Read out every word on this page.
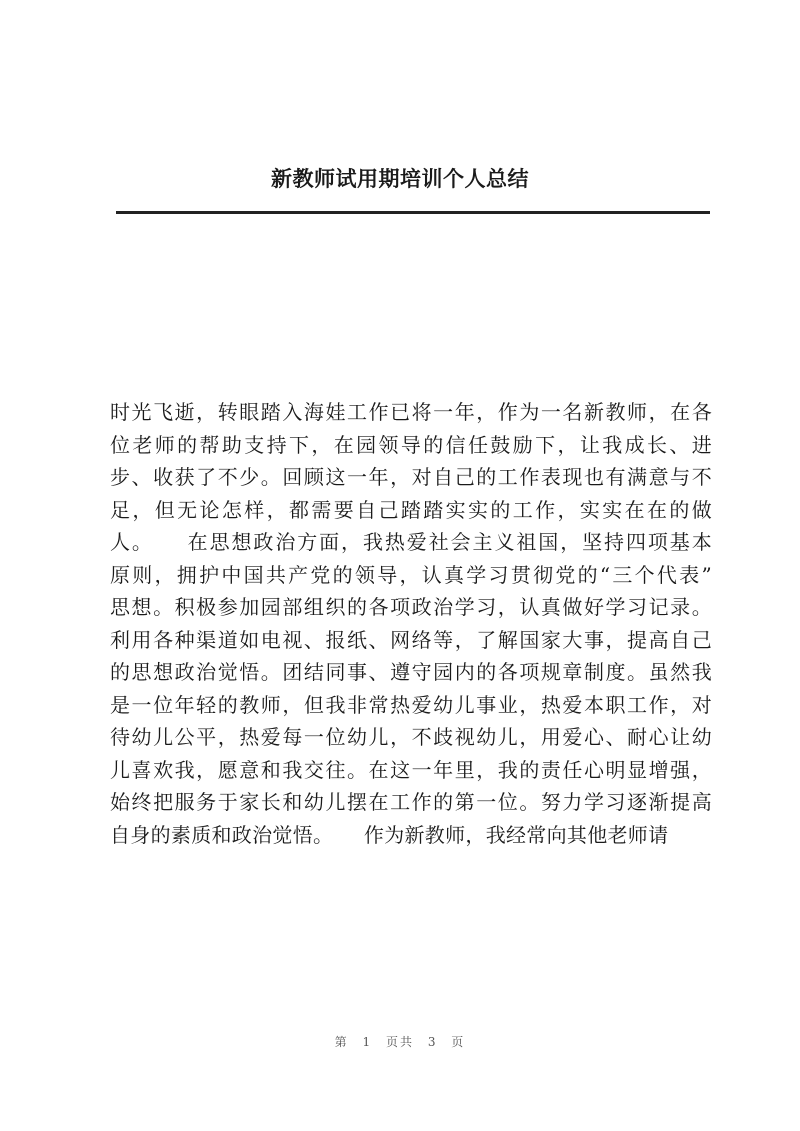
新教师试用期培训个人总结
时光飞逝，转眼踏入海娃工作已将一年，作为一名新教师，在各
位老师的帮助支持下，在园领导的信任鼓励下，让我成长、进
步、收获了不少。回顾这一年，对自己的工作表现也有满意与不
足，但无论怎样，都需要自己踏踏实实的工作，实实在在的做
人。　　在思想政治方面，我热爱社会主义祖国，坚持四项基本
原则，拥护中国共产党的领导，认真学习贯彻党的“三个代表”
思想。积极参加园部组织的各项政治学习，认真做好学习记录。
利用各种渠道如电视、报纸、网络等，了解国家大事，提高自己
的思想政治觉悟。团结同事、遵守园内的各项规章制度。虽然我
是一位年轻的教师，但我非常热爱幼儿事业，热爱本职工作，对
待幼儿公平，热爱每一位幼儿，不歧视幼儿，用爱心、耐心让幼
儿喜欢我，愿意和我交往。在这一年里，我的责任心明显增强，
始终把服务于家长和幼儿摆在工作的第一位。努力学习逐渐提高
自身的素质和政治觉悟。　　作为新教师，我经常向其他老师请
第 1 页共 3 页
